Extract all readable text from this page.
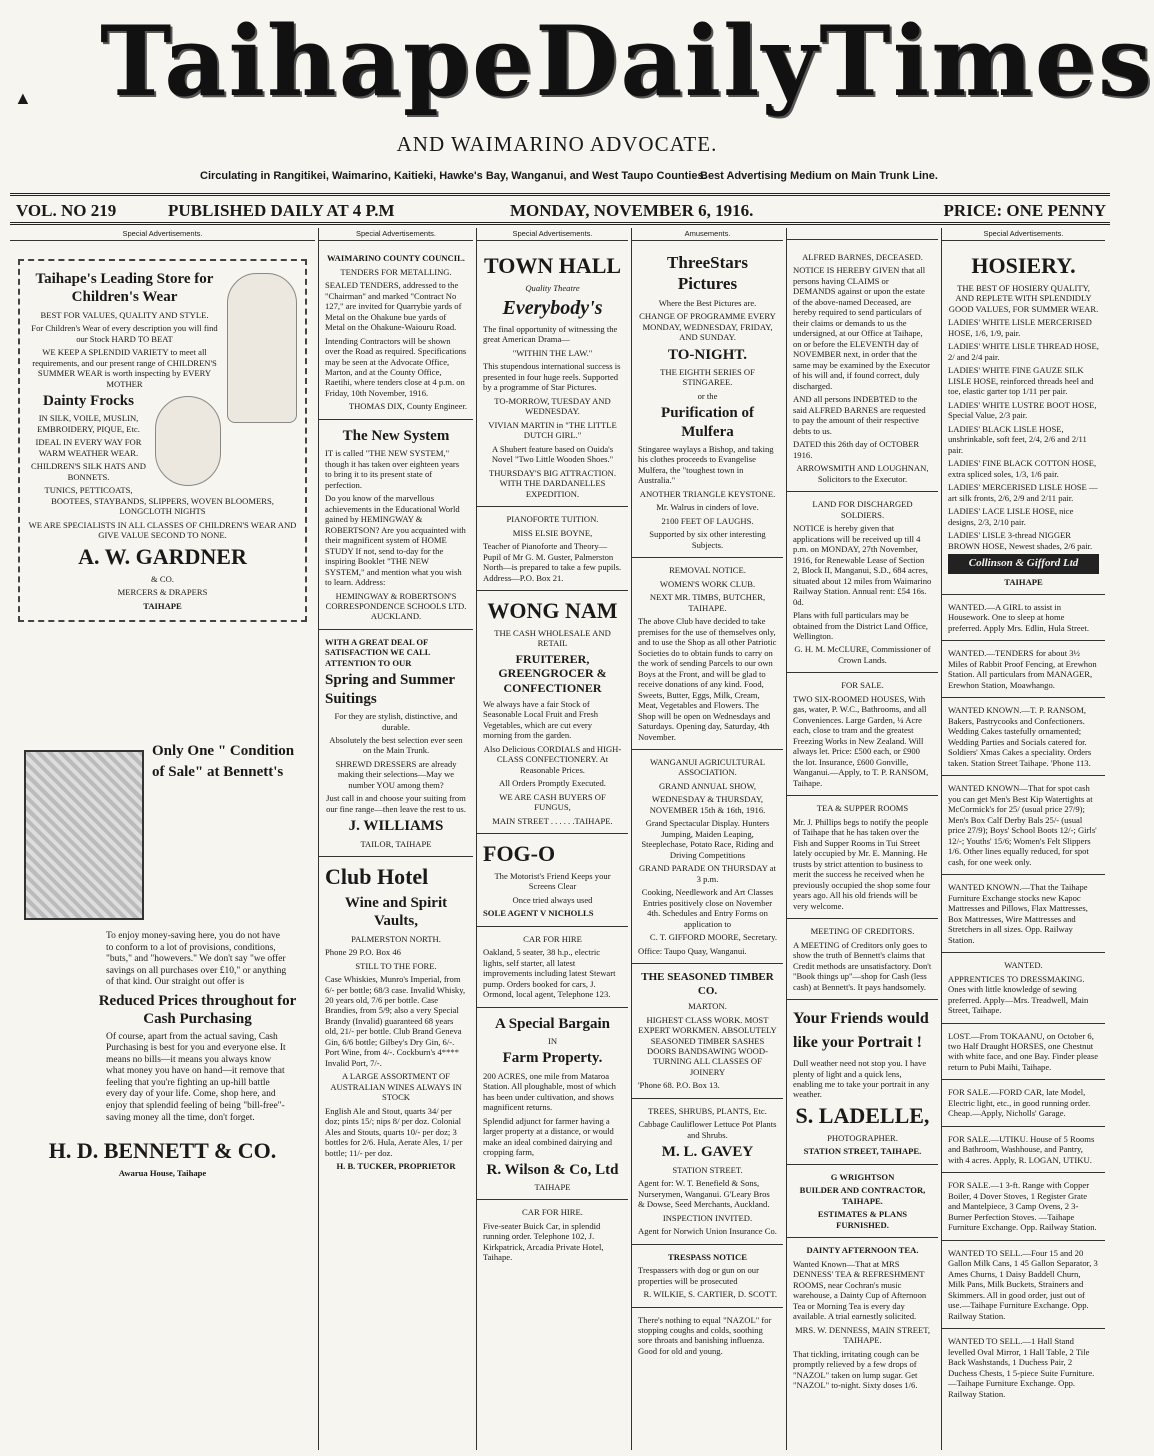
▲ Taihape Daily Times
AND WAIMARINO ADVOCATE.
Circulating in Rangitikei, Waimarino, Kaitieki, Hawke's Bay, Wanganui, and West Taupo Counties.
Best Advertising Medium on Main Trunk Line.
VOL. NO 219	PUBLISHED DAILY AT 4 P.M	MONDAY, NOVEMBER 6, 1916.	PRICE: ONE PENNY
Special Advertisements.

Taihape's Leading Store for Children's Wear

BEST FOR VALUES, QUALITY AND STYLE.

For Children's Wear of every description you will find our Stock HARD TO BEAT

WE KEEP A SPLENDID VARIETY to meet all requirements, and our present range of CHILDREN'S SUMMER WEAR is worth inspecting by EVERY MOTHER

Dainty Frocks

IN SILK, VOILE, MUSLIN, EMBROIDERY, PIQUE, Etc.

IDEAL IN EVERY WAY FOR WARM WEATHER WEAR.

CHILDREN'S SILK HATS AND BONNETS.

TUNICS, PETTICOATS, BOOTEES, STAYBANDS, SLIPPERS, WOVEN BLOOMERS, LONGCLOTH NIGHTS

WE ARE SPECIALISTS IN ALL CLASSES OF CHILDREN'S WEAR AND GIVE VALUE SECOND TO NONE.

A. W. GARDNER

& CO.

MERCERS & DRAPERS

TAIHAPE

Only One " Condition

of Sale" at Bennett's

To enjoy money-saving here, you do not have to conform to a lot of provisions, conditions, "buts," and "howevers." We don't say "we offer savings on all purchases over £10," or anything of that kind. Our straight out offer is

Reduced Prices throughout for Cash Purchasing

Of course, apart from the actual saving, Cash Purchasing is best for you and everyone else. It means no bills—it means you always know what money you have on hand—it remove that feeling that you're fighting an up-hill battle every day of your life. Come, shop here, and enjoy that splendid feeling of being "bill-free"-saving money all the time, don't forget.

H. D. BENNETT & CO.

Awarua House, Taihape

Special Advertisements.

WAIMARINO COUNTY COUNCIL.

TENDERS FOR METALLING.

SEALED TENDERS, addressed to the "Chairman" and marked "Contract No 127," are invited for Quarrybie yards of Metal on the Ohakune bue yards of Metal on the Ohakune-Waiouru Road.

Intending Contractors will be shown over the Road as required. Specifications may be seen at the Advocate Office, Marton, and at the County Office, Raetihi, where tenders close at 4 p.m. on Friday, 10th November, 1916.

THOMAS DIX, County Engineer.

The New System

IT is called "THE NEW SYSTEM," though it has taken over eighteen years to bring it to its present state of perfection.

Do you know of the marvellous achievements in the Educational World gained by HEMINGWAY & ROBERTSON? Are you acquainted with their magnificent system of HOME STUDY If not, send to-day for the inspiring Booklet "THE NEW SYSTEM," and mention what you wish to learn. Address:

HEMINGWAY & ROBERTSON'S CORRESPONDENCE SCHOOLS LTD. AUCKLAND.

WITH A GREAT DEAL OF SATISFACTION WE CALL ATTENTION TO OUR

Spring and Summer Suitings

For they are stylish, distinctive, and durable.

Absolutely the best selection ever seen on the Main Trunk.

SHREWD DRESSERS are already making their selections—May we number YOU among them?

Just call in and choose your suiting from our fine range—then leave the rest to us.

J. WILLIAMS

TAILOR, TAIHAPE

Club Hotel

Wine and Spirit Vaults,

PALMERSTON NORTH.

Phone 29 P.O. Box 46

STILL TO THE FORE.

Case Whiskies, Munro's Imperial, from 6/- per bottle; 68/3 case. Invalid Whisky, 20 years old, 7/6 per bottle. Case Brandies, from 5/9; also a very Special Brandy (Invalid) guaranteed 68 years old, 21/- per bottle. Club Brand Geneva Gin, 6/6 bottle; Gilbey's Dry Gin, 6/-. Port Wine, from 4/-. Cockburn's 4**** Invalid Port, 7/-.

A LARGE ASSORTMENT OF AUSTRALIAN WINES ALWAYS IN STOCK

English Ale and Stout, quarts 34/ per doz; pints 15/; nips 8/ per doz. Colonial Ales and Stouts, quarts 10/- per doz; 3 bottles for 2/6. Hula, Aerate Ales, 1/ per bottle; 11/- per doz.

H. B. TUCKER, PROPRIETOR

Special Advertisements.

TOWN HALL

Quality Theatre

Everybody's

The final opportunity of witnessing the great American Drama—

"WITHIN THE LAW."

This stupendous international success is presented in four huge reels. Supported by a programme of Star Pictures.

TO-MORROW, TUESDAY AND WEDNESDAY.

VIVIAN MARTIN in "THE LITTLE DUTCH GIRL."

A Shubert feature based on Ouida's Novel "Two Little Wooden Shoes."

THURSDAY'S BIG ATTRACTION. WITH THE DARDANELLES EXPEDITION.

PIANOFORTE TUITION.

MISS ELSIE BOYNE,

Teacher of Pianoforte and Theory—Pupil of Mr G. M. Guster, Palmerston North—is prepared to take a few pupils. Address—P.O. Box 21.

WONG NAM

THE CASH WHOLESALE AND RETAIL

FRUITERER, GREENGROCER & CONFECTIONER

We always have a fair Stock of Seasonable Local Fruit and Fresh Vegetables, which are cut every morning from the garden.

Also Delicious CORDIALS and HIGH-CLASS CONFECTIONERY. At Reasonable Prices.

All Orders Promptly Executed.

WE ARE CASH BUYERS OF FUNGUS,

MAIN STREET . . . . . .TAIHAPE.

FOG-O

The Motorist's Friend Keeps your Screens Clear

Once tried always used

SOLE AGENT V NICHOLLS

CAR FOR HIRE

Oakland, 5 seater, 38 h.p., electric lights, self starter, all latest improvements including latest Stewart pump. Orders booked for cars, J. Ormond, local agent, Telephone 123.

A Special Bargain

IN

Farm Property.

200 ACRES, one mile from Mataroa Station. All ploughable, most of which has been under cultivation, and shows magnificent returns.

Splendid adjunct for farmer having a larger property at a distance, or would make an ideal combined dairying and cropping farm,

R. Wilson & Co, Ltd

TAIHAPE

CAR FOR HIRE.

Five-seater Buick Car, in splendid running order. Telephone 102, J. Kirkpatrick, Arcadia Private Hotel, Taihape.

Amusements.

ThreeStars Pictures

Where the Best Pictures are.

CHANGE OF PROGRAMME EVERY MONDAY, WEDNESDAY, FRIDAY, AND SUNDAY.

TO-NIGHT.

THE EIGHTH SERIES OF STINGAREE.

or the

Purification of Mulfera

Stingaree waylays a Bishop, and taking his clothes proceeds to Evangelise Mulfera, the "toughest town in Australia."

ANOTHER TRIANGLE KEYSTONE.

Mr. Walrus in cinders of love.

2100 FEET OF LAUGHS.

Supported by six other interesting Subjects.

REMOVAL NOTICE.

WOMEN'S WORK CLUB.

NEXT MR. TIMBS, BUTCHER, TAIHAPE.

The above Club have decided to take premises for the use of themselves only, and to use the Shop as all other Patriotic Societies do to obtain funds to carry on the work of sending Parcels to our own Boys at the Front, and will be glad to receive donations of any kind. Food, Sweets, Butter, Eggs, Milk, Cream, Meat, Vegetables and Flowers. The Shop will be open on Wednesdays and Saturdays. Opening day, Saturday, 4th November.

WANGANUI AGRICULTURAL ASSOCIATION.

GRAND ANNUAL SHOW,

WEDNESDAY & THURSDAY, NOVEMBER 15th & 16th, 1916.

Grand Spectacular Display. Hunters Jumping, Maiden Leaping, Steeplechase, Potato Race, Riding and Driving Competitions

GRAND PARADE ON THURSDAY at 3 p.m.

Cooking, Needlework and Art Classes Entries positively close on November 4th. Schedules and Entry Forms on application to

C. T. GIFFORD MOORE, Secretary.

Office: Taupo Quay, Wanganui.

THE SEASONED TIMBER CO.

MARTON.

HIGHEST CLASS WORK. MOST EXPERT WORKMEN. ABSOLUTELY SEASONED TIMBER SASHES DOORS BANDSAWING WOOD-TURNING ALL CLASSES OF JOINERY

'Phone 68. P.O. Box 13.

TREES, SHRUBS, PLANTS, Etc.

Cabbage Cauliflower Lettuce Pot Plants and Shrubs.

M. L. GAVEY

STATION STREET.

Agent for: W. T. Benefield & Sons, Nurserymen, Wanganui. G'Leary Bros & Dowse, Seed Merchants, Auckland.

INSPECTION INVITED.

Agent for Norwich Union Insurance Co.

TRESPASS NOTICE

Trespassers with dog or gun on our properties will be prosecuted

R. WILKIE, S. CARTIER, D. SCOTT.

There's nothing to equal "NAZOL" for stopping coughs and colds, soothing sore throats and banishing influenza. Good for old and young.

ALFRED BARNES, DECEASED.

NOTICE IS HEREBY GIVEN that all persons having CLAIMS or DEMANDS against or upon the estate of the above-named Deceased, are hereby required to send particulars of their claims or demands to us the undersigned, at our Office at Taihape, on or before the ELEVENTH day of NOVEMBER next, in order that the same may be examined by the Executor of his will and, if found correct, duly discharged.

AND all persons INDEBTED to the said ALFRED BARNES are requested to pay the amount of their respective debts to us.

DATED this 26th day of OCTOBER 1916.

ARROWSMITH AND LOUGHNAN, Solicitors to the Executor.

LAND FOR DISCHARGED SOLDIERS.

NOTICE is hereby given that applications will be received up till 4 p.m. on MONDAY, 27th November, 1916, for Renewable Lease of Section 2, Block II, Manganui, S.D., 684 acres, situated about 12 miles from Waimarino Railway Station. Annual rent: £54 16s. 0d.

Plans with full particulars may be obtained from the District Land Office, Wellington.

G. H. M. McCLURE, Commissioner of Crown Lands.

FOR SALE.

TWO SIX-ROOMED HOUSES, With gas, water, P. W.C., Bathrooms, and all Conveniences. Large Garden, ¼ Acre each, close to tram and the greatest Freezing Works in New Zealand. Will always let. Price: £500 each, or £900 the lot. Insurance, £600 Gonville, Wanganui.—Apply, to T. P. RANSOM, Taihape.

TEA & SUPPER ROOMS

Mr. J. Phillips begs to notify the people of Taihape that he has taken over the Fish and Supper Rooms in Tui Street lately occupied by Mr. E. Manning. He trusts by strict attention to business to merit the success he received when he previously occupied the shop some four years ago. All his old friends will be very welcome.

MEETING OF CREDITORS.

A MEETING of Creditors only goes to show the truth of Bennett's claims that Credit methods are unsatisfactory. Don't "Book things up"—shop for Cash (less cash) at Bennett's. It pays handsomely.

Your Friends would like your Portrait !

Dull weather need not stop you. I have plenty of light and a quick lens, enabling me to take your portrait in any weather.

S. LADELLE,

PHOTOGRAPHER.

STATION STREET, TAIHAPE.

G WRIGHTSON

BUILDER AND CONTRACTOR, TAIHAPE.

ESTIMATES & PLANS FURNISHED.

DAINTY AFTERNOON TEA.

Wanted Known—That at MRS DENNESS' TEA & REFRESHMENT ROOMS, near Cochran's music warehouse, a Dainty Cup of Afternoon Tea or Morning Tea is every day available. A trial earnestly solicited.

MRS. W. DENNESS, MAIN STREET, TAIHAPE.

That tickling, irritating cough can be promptly relieved by a few drops of "NAZOL" taken on lump sugar. Get "NAZOL" to-night. Sixty doses 1/6.

Special Advertisements.

HOSIERY.

THE BEST OF HOSIERY QUALITY, AND REPLETE WITH SPLENDIDLY GOOD VALUES, FOR SUMMER WEAR.

LADIES' WHITE LISLE MERCERISED HOSE, 1/6, 1/9, pair.

LADIES' WHITE LISLE THREAD HOSE, 2/ and 2/4 pair.

LADIES' WHITE FINE GAUZE SILK LISLE HOSE, reinforced threads heel and toe, elastic garter top 1/11 per pair.

LADIES' WHITE LUSTRE BOOT HOSE, Special Value, 2/3 pair.

LADIES' BLACK LISLE HOSE, unshrinkable, soft feet, 2/4, 2/6 and 2/11 pair.

LADIES' FINE BLACK COTTON HOSE, extra spliced soles, 1/3, 1/6 pair.

LADIES' MERCERISED LISLE HOSE —art silk fronts, 2/6, 2/9 and 2/11 pair.

LADIES' LACE LISLE HOSE, nice designs, 2/3, 2/10 pair.

LADIES' LISLE 3-thread NIGGER BROWN HOSE, Newest shades, 2/6 pair.

Collinson & Gifford Ltd

TAIHAPE

WANTED.—A GIRL to assist in Housework. One to sleep at home preferred. Apply Mrs. Edlin, Hula Street.

WANTED.—TENDERS for about 3½ Miles of Rabbit Proof Fencing, at Erewhon Station. All particulars from MANAGER, Erewhon Station, Moawhango.

WANTED KNOWN.—T. P. RANSOM, Bakers, Pastrycooks and Confectioners. Wedding Cakes tastefully ornamented; Wedding Parties and Socials catered for. Soldiers' Xmas Cakes a speciality. Orders taken. Station Street Taihape. 'Phone 113.

WANTED KNOWN—That for spot cash you can get Men's Best Kip Watertights at McCormick's for 25/ (usual price 27/9); Men's Box Calf Derby Bals 25/- (usual price 27/9); Boys' School Boots 12/-; Girls' 12/-; Youths' 15/6; Women's Felt Slippers 1/6. Other lines equally reduced, for spot cash, for one week only.

WANTED KNOWN.—That the Taihape Furniture Exchange stocks new Kapoc Mattresses and Pillows, Flax Mattresses, Box Mattresses, Wire Mattresses and Stretchers in all sizes. Opp. Railway Station.

WANTED.

APPRENTICES TO DRESSMAKING. Ones with little knowledge of sewing preferred. Apply—Mrs. Treadwell, Main Street, Taihape.

LOST.—From TOKAANU, on October 6, two Half Draught HORSES, one Chestnut with white face, and one Bay. Finder please return to Pubi Maihi, Taihape.

FOR SALE.—FORD CAR, late Model, Electric light, etc., in good running order. Cheap.—Apply, Nicholls' Garage.

FOR SALE.—UTIKU. House of 5 Rooms and Bathroom, Washhouse, and Pantry, with 4 acres. Apply, R. LOGAN, UTIKU.

FOR SALE.—1 3-ft. Range with Copper Boiler, 4 Dover Stoves, 1 Register Grate and Mantelpiece, 3 Camp Ovens, 2 3-Burner Perfection Stoves. —Taihape Furniture Exchange. Opp. Railway Station.

WANTED TO SELL.—Four 15 and 20 Gallon Milk Cans, 1 45 Gallon Separator, 3 Ames Churns, 1 Daisy Baddell Churn, Milk Pans, Milk Buckets, Strainers and Skimmers. All in good order, just out of use.—Taihape Furniture Exchange. Opp. Railway Station.

WANTED TO SELL.—1 Hall Stand levelled Oval Mirror, 1 Hall Table, 2 Tile Back Washstands, 1 Duchess Pair, 2 Duchess Chests, 1 5-piece Suite Furniture.—Taihape Furniture Exchange. Opp. Railway Station.
